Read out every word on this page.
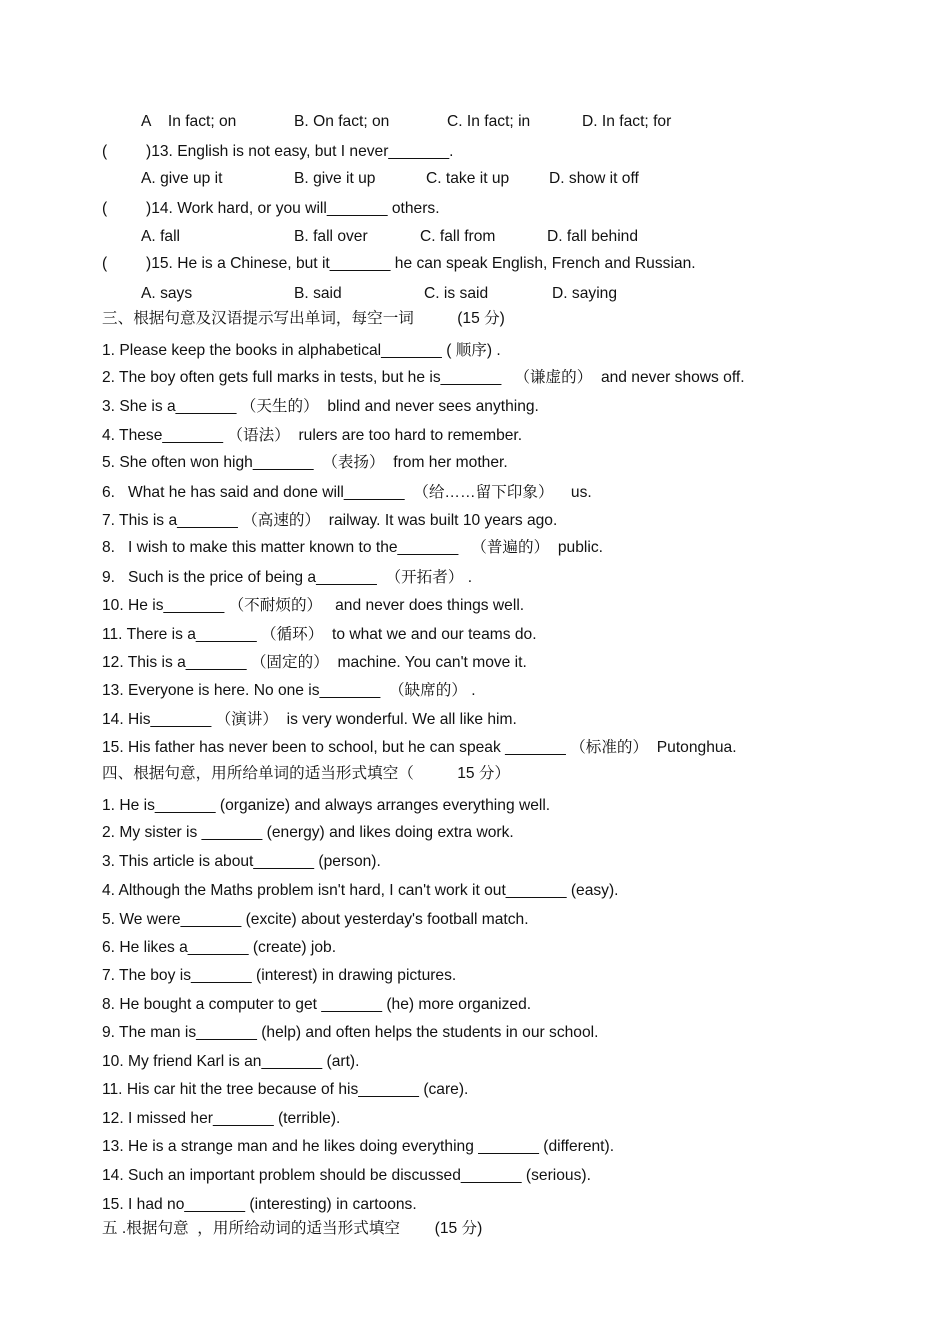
A    In fact; on	B. On fact; on	C. In fact; in	D. In fact; for
( )13. English is not easy, but I never_______.
A. give up it	B. give it up	C. take it up	D. show it off
( )14. Work hard, or you will_______ others.
A. fall	B. fall over	C. fall from	D. fall behind
( )15. He is a Chinese, but it_______ he can speak English, French and Russian.
A. says	B. said	C. is said	D. saying
三、根据句意及汉语提示写出单词，每空一词          (15 分)
1. Please keep the books in alphabetical_______ ( 顺序) .
2. The boy often gets full marks in tests, but he is_______   （谦虚的）  and never shows off.
3. She is a_______ （天生的）  blind and never sees anything.
4. These_______ （语法）  rulers are too hard to remember.
5. She often won high_______  （表扬）  from her mother.
6.   What he has said and done will_______  （给……留下印象）    us.
7. This is a_______ （高速的）  railway. It was built 10 years ago.
8.   I wish to make this matter known to the_______   （普遍的）  public.
9.   Such is the price of being a_______  （开拓者） .
10. He is_______ （不耐烦的）   and never does things well.
11. There is a_______ （循环）  to what we and our teams do.
12. This is a_______ （固定的）  machine. You can't move it.
13. Everyone is here. No one is_______  （缺席的） .
14. His_______ （演讲）  is very wonderful. We all like him.
15. His father has never been to school, but he can speak _______ （标准的）  Putonghua.
四、根据句意，用所给单词的适当形式填空（          15 分）
1. He is_______ (organize) and always arranges everything well.
2. My sister is _______ (energy) and likes doing extra work.
3. This article is about_______ (person).
4. Although the Maths problem isn't hard, I can't work it out_______ (easy).
5. We were_______ (excite) about yesterday's football match.
6. He likes a_______ (create) job.
7. The boy is_______ (interest) in drawing pictures.
8. He bought a computer to get _______ (he) more organized.
9. The man is_______ (help) and often helps the students in our school.
10. My friend Karl is an_______ (art).
11. His car hit the tree because of his_______ (care).
12. I missed her_______ (terrible).
13. He is a strange man and he likes doing everything _______ (different).
14. Such an important problem should be discussed_______ (serious).
15. I had no_______ (interesting) in cartoons.
五 .根据句意  ，用所给动词的适当形式填空        (15 分)
